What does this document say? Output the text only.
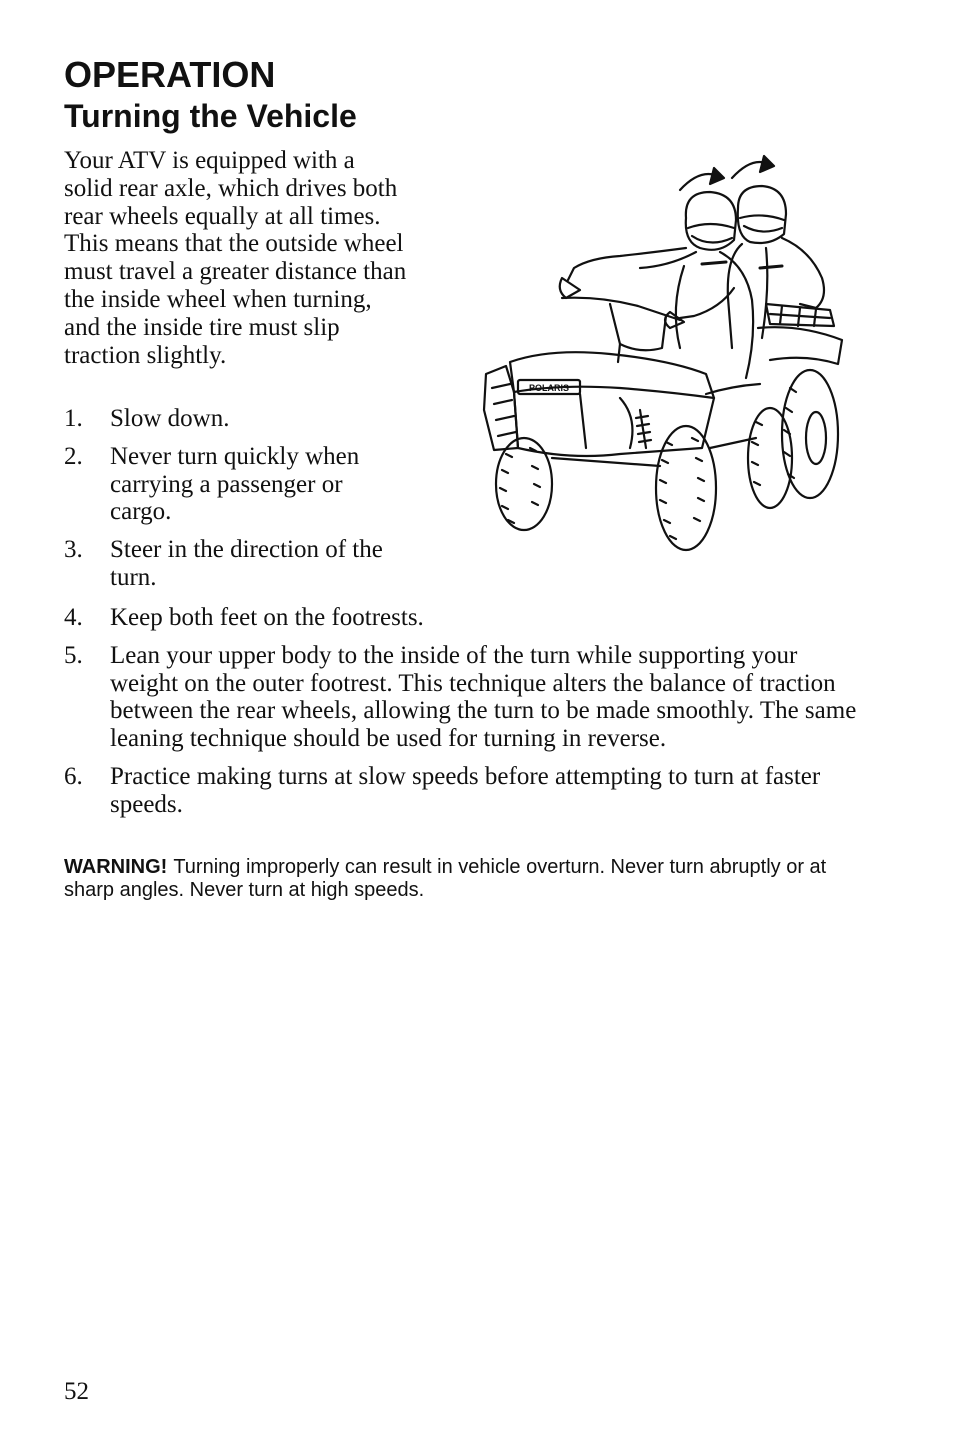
OPERATION
Turning the Vehicle

Your ATV is equipped with a solid rear axle, which drives both rear wheels equally at all times. This means that the outside wheel must travel a greater distance than the inside wheel when turning, and the inside tire must slip traction slightly.

1. Slow down.
2. Never turn quickly when carrying a passenger or cargo.
3. Steer in the direction of the turn.
4. Keep both feet on the footrests.
5. Lean your upper body to the inside of the turn while supporting your weight on the outer footrest. This technique alters the balance of traction between the rear wheels, allowing the turn to be made smoothly. The same leaning technique should be used for turning in reverse.
6. Practice making turns at slow speeds before attempting to turn at faster speeds.

WARNING! Turning improperly can result in vehicle overturn. Never turn abruptly or at sharp angles. Never turn at high speeds.

POLARIS
52
